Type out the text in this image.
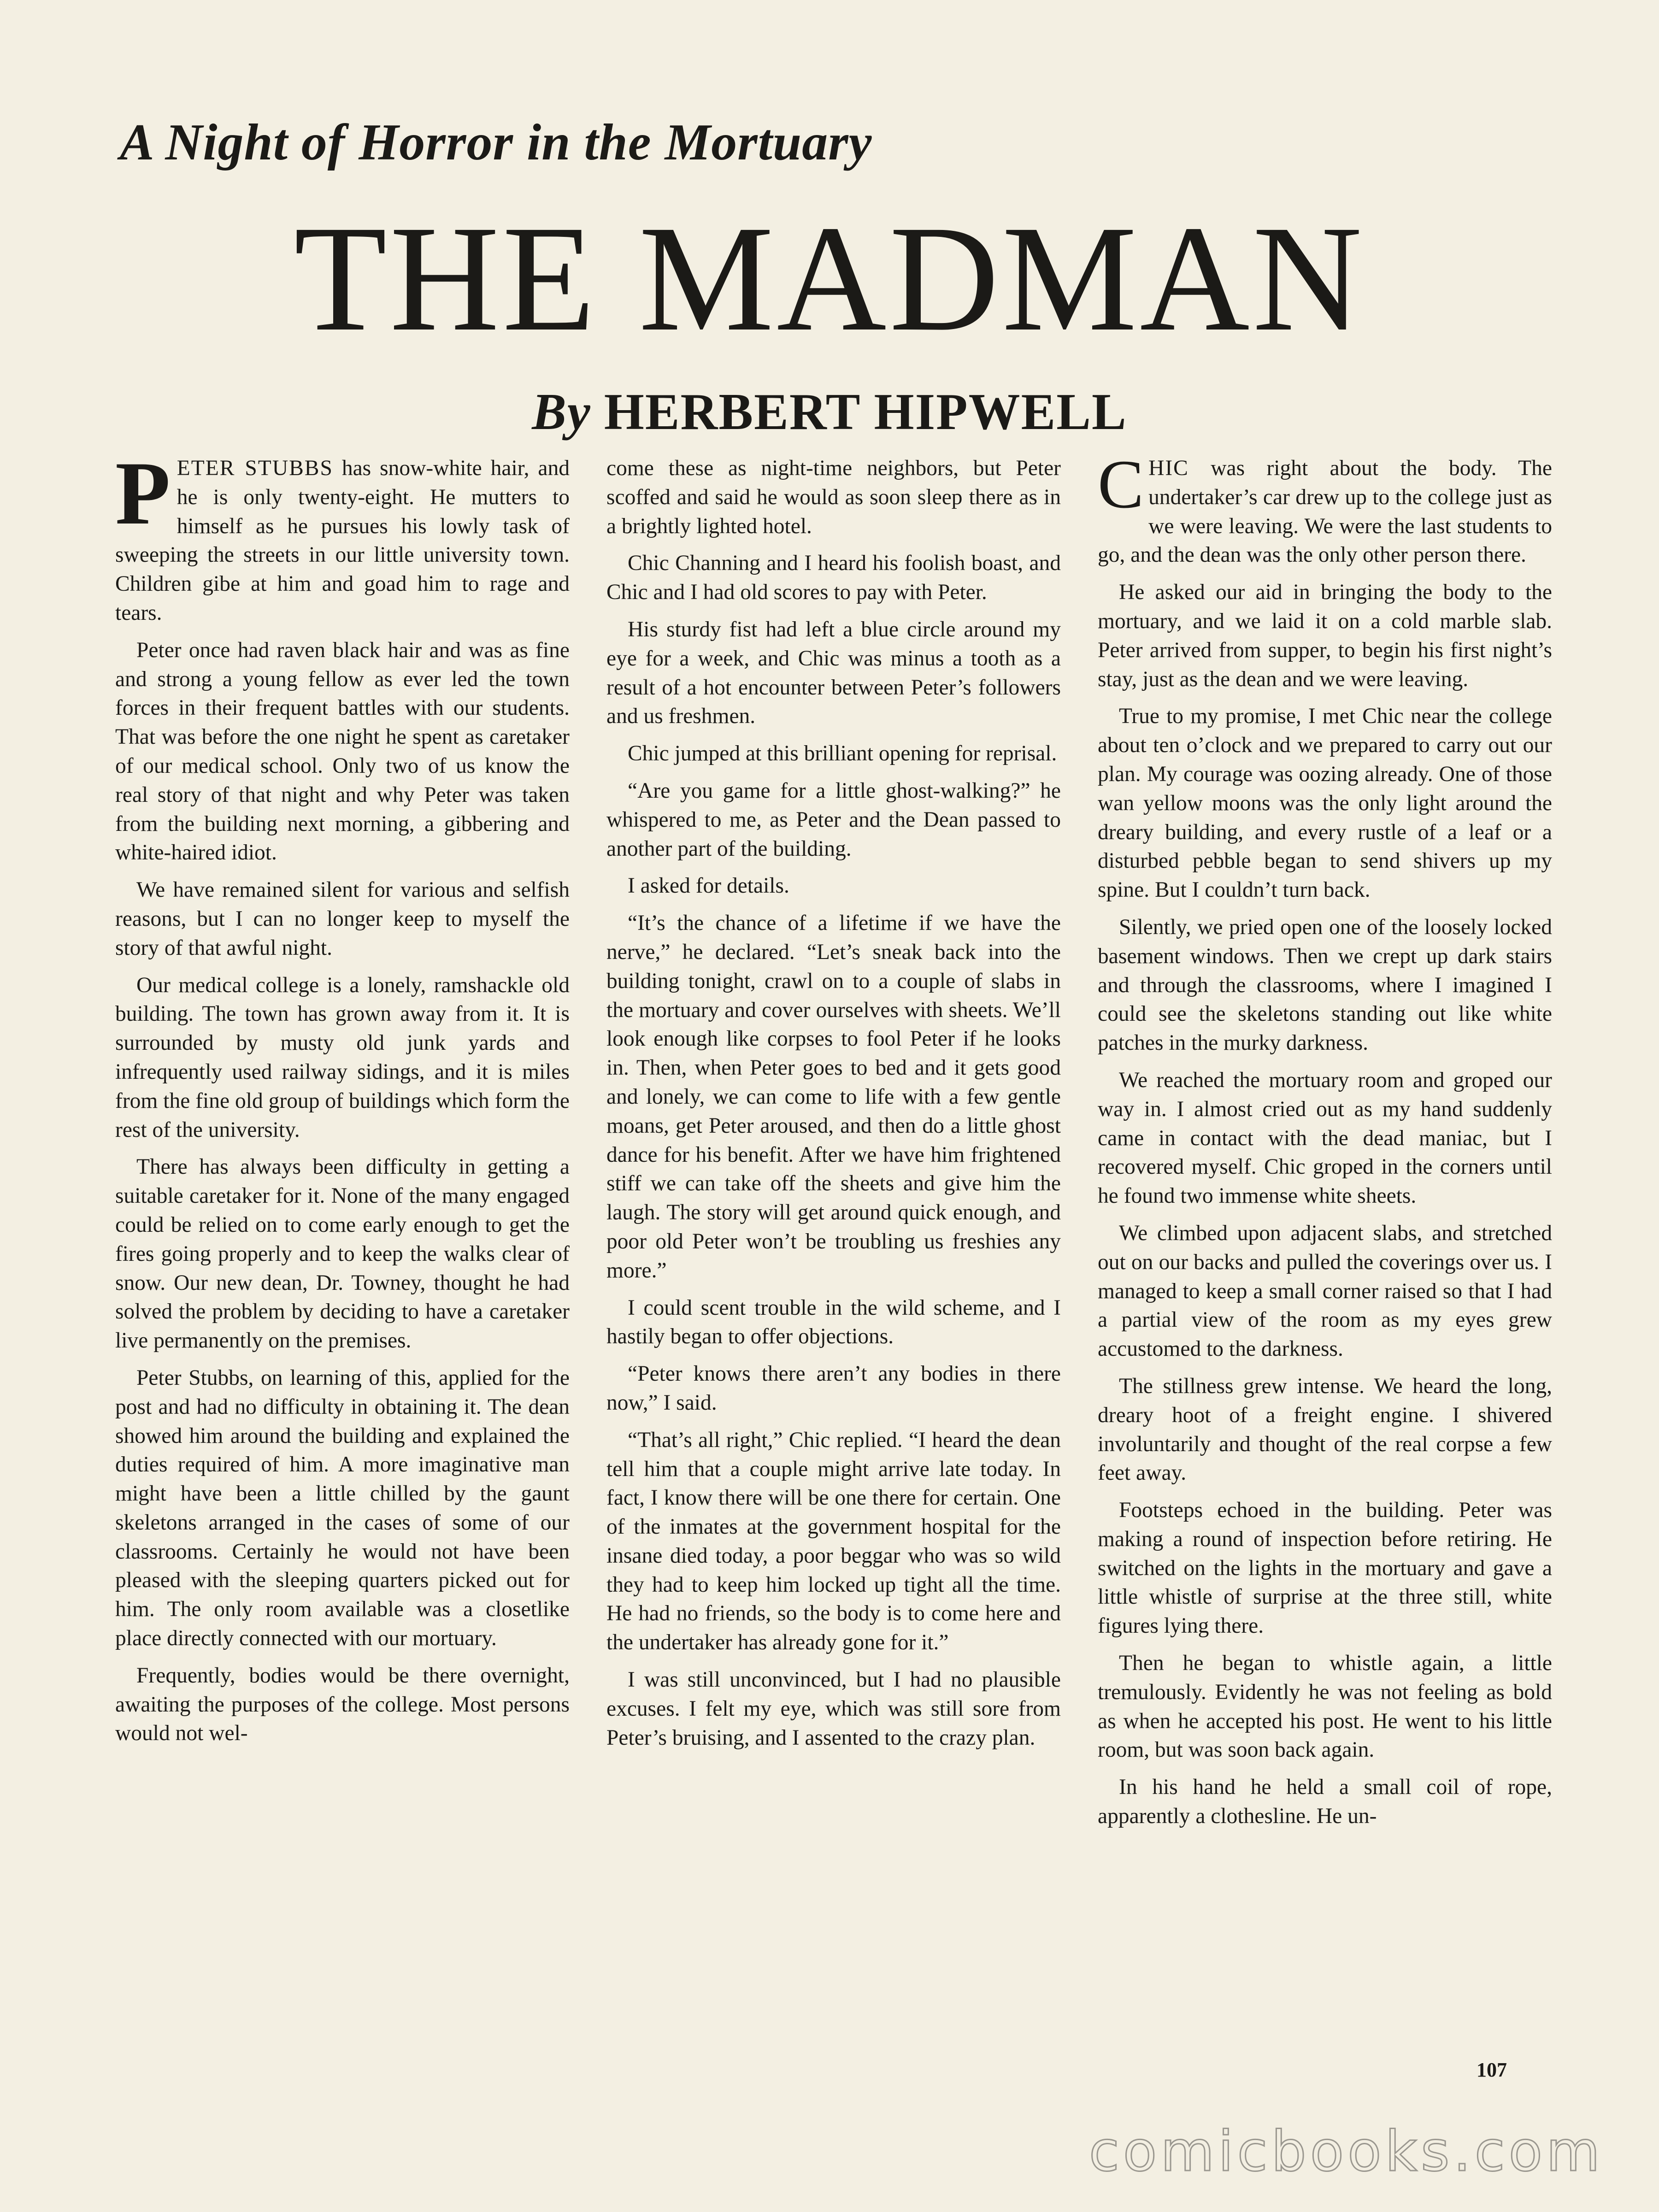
A Night of Horror in the Mortuary
THE MADMAN
By HERBERT HIPWELL

PETER STUBBS has snow-white hair, and he is only twenty-eight. He mutters to himself as he pursues his lowly task of sweeping the streets in our little university town. Children gibe at him and goad him to rage and tears.

Peter once had raven black hair and was as fine and strong a young fellow as ever led the town forces in their frequent battles with our students. That was before the one night he spent as caretaker of our medical school. Only two of us know the real story of that night and why Peter was taken from the building next morning, a gibbering and white-haired idiot.

We have remained silent for various and selfish reasons, but I can no longer keep to myself the story of that awful night.

Our medical college is a lonely, ramshackle old building. The town has grown away from it. It is surrounded by musty old junk yards and infrequently used railway sidings, and it is miles from the fine old group of buildings which form the rest of the university.

There has always been difficulty in getting a suitable caretaker for it. None of the many engaged could be relied on to come early enough to get the fires going properly and to keep the walks clear of snow. Our new dean, Dr. Towney, thought he had solved the problem by deciding to have a caretaker live permanently on the premises.

Peter Stubbs, on learning of this, applied for the post and had no difficulty in obtaining it. The dean showed him around the building and explained the duties required of him. A more imaginative man might have been a little chilled by the gaunt skeletons arranged in the cases of some of our classrooms. Certainly he would not have been pleased with the sleeping quarters picked out for him. The only room available was a closetlike place directly connected with our mortuary.

Frequently, bodies would be there overnight, awaiting the purposes of the college. Most persons would not wel-

come these as night-time neighbors, but Peter scoffed and said he would as soon sleep there as in a brightly lighted hotel.

Chic Channing and I heard his foolish boast, and Chic and I had old scores to pay with Peter.

His sturdy fist had left a blue circle around my eye for a week, and Chic was minus a tooth as a result of a hot encounter between Peter’s followers and us freshmen.

Chic jumped at this brilliant opening for reprisal.

“Are you game for a little ghost-walking?” he whispered to me, as Peter and the Dean passed to another part of the building.

I asked for details.

“It’s the chance of a lifetime if we have the nerve,” he declared. “Let’s sneak back into the building tonight, crawl on to a couple of slabs in the mortuary and cover ourselves with sheets. We’ll look enough like corpses to fool Peter if he looks in. Then, when Peter goes to bed and it gets good and lonely, we can come to life with a few gentle moans, get Peter aroused, and then do a little ghost dance for his benefit. After we have him frightened stiff we can take off the sheets and give him the laugh. The story will get around quick enough, and poor old Peter won’t be troubling us freshies any more.”

I could scent trouble in the wild scheme, and I hastily began to offer objections.

“Peter knows there aren’t any bodies in there now,” I said.

“That’s all right,” Chic replied. “I heard the dean tell him that a couple might arrive late today. In fact, I know there will be one there for certain. One of the inmates at the government hospital for the insane died today, a poor beggar who was so wild they had to keep him locked up tight all the time. He had no friends, so the body is to come here and the undertaker has already gone for it.”

I was still unconvinced, but I had no plausible excuses. I felt my eye, which was still sore from Peter’s bruising, and I assented to the crazy plan.

CHIC was right about the body. The undertaker’s car drew up to the college just as we were leaving. We were the last students to go, and the dean was the only other person there.

He asked our aid in bringing the body to the mortuary, and we laid it on a cold marble slab. Peter arrived from supper, to begin his first night’s stay, just as the dean and we were leaving.

True to my promise, I met Chic near the college about ten o’clock and we prepared to carry out our plan. My courage was oozing already. One of those wan yellow moons was the only light around the dreary building, and every rustle of a leaf or a disturbed pebble began to send shivers up my spine. But I couldn’t turn back.

Silently, we pried open one of the loosely locked basement windows. Then we crept up dark stairs and through the classrooms, where I imagined I could see the skeletons standing out like white patches in the murky darkness.

We reached the mortuary room and groped our way in. I almost cried out as my hand suddenly came in contact with the dead maniac, but I recovered myself. Chic groped in the corners until he found two immense white sheets.

We climbed upon adjacent slabs, and stretched out on our backs and pulled the coverings over us. I managed to keep a small corner raised so that I had a partial view of the room as my eyes grew accustomed to the darkness.

The stillness grew intense. We heard the long, dreary hoot of a freight engine. I shivered involuntarily and thought of the real corpse a few feet away.

Footsteps echoed in the building. Peter was making a round of inspection before retiring. He switched on the lights in the mortuary and gave a little whistle of surprise at the three still, white figures lying there.

Then he began to whistle again, a little tremulously. Evidently he was not feeling as bold as when he accepted his post. He went to his little room, but was soon back again.

In his hand he held a small coil of rope, apparently a clothesline. He un-

107
comicbooks.com
